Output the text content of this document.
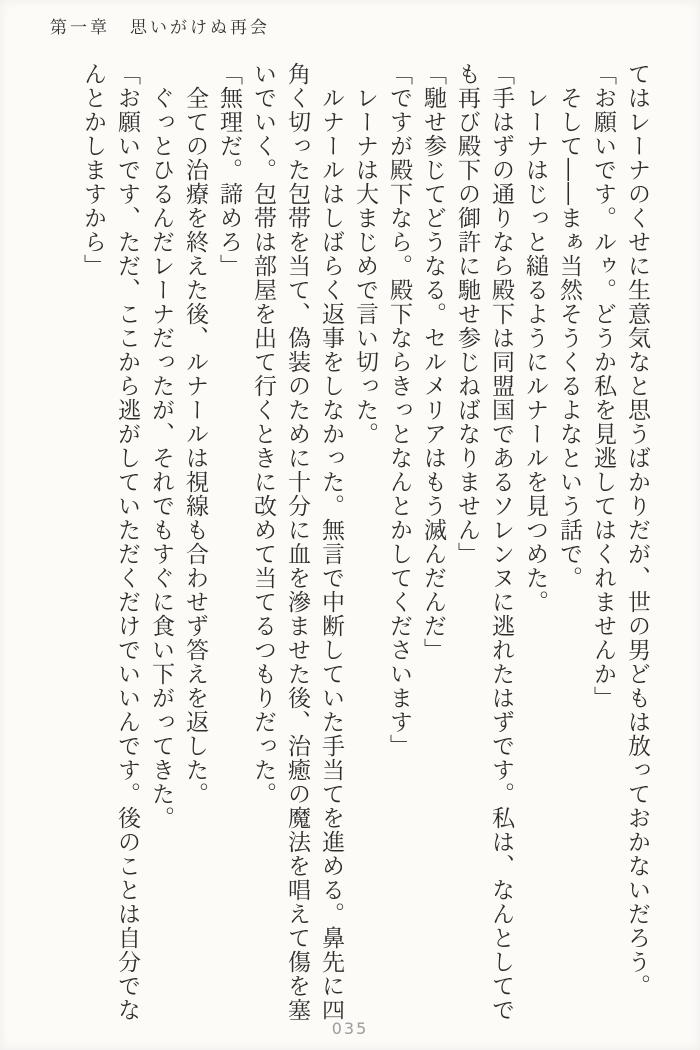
第一章　思いがけぬ再会
てはレーナのくせに生意気なと思うばかりだが、世の男どもは放っておかないだろう。
「お願いです。ルゥ。どうか私を見逃してはくれませんか」
そして――まぁ当然そうくるよなという話で。
レーナはじっと縋るようにルナールを見つめた。
「手はずの通りなら殿下は同盟国であるソレンヌに逃れたはずです。私は、なんとしてで
も再び殿下の御許に馳せ参じねばなりません」
「馳せ参じてどうなる。セルメリアはもう滅んだんだ」
「ですが殿下なら。殿下ならきっとなんとかしてくださいます」
レーナは大まじめで言い切った。
ルナールはしばらく返事をしなかった。無言で中断していた手当てを進める。鼻先に四
角く切った包帯を当て、偽装のために十分に血を滲ませた後、治癒の魔法を唱えて傷を塞
いでいく。包帯は部屋を出て行くときに改めて当てるつもりだった。
「無理だ。諦めろ」
全ての治療を終えた後、ルナールは視線も合わせず答えを返した。
ぐっとひるんだレーナだったが、それでもすぐに食い下がってきた。
「お願いです、ただ、ここから逃がしていただくだけでいいんです。後のことは自分でな
んとかしますから」
035
